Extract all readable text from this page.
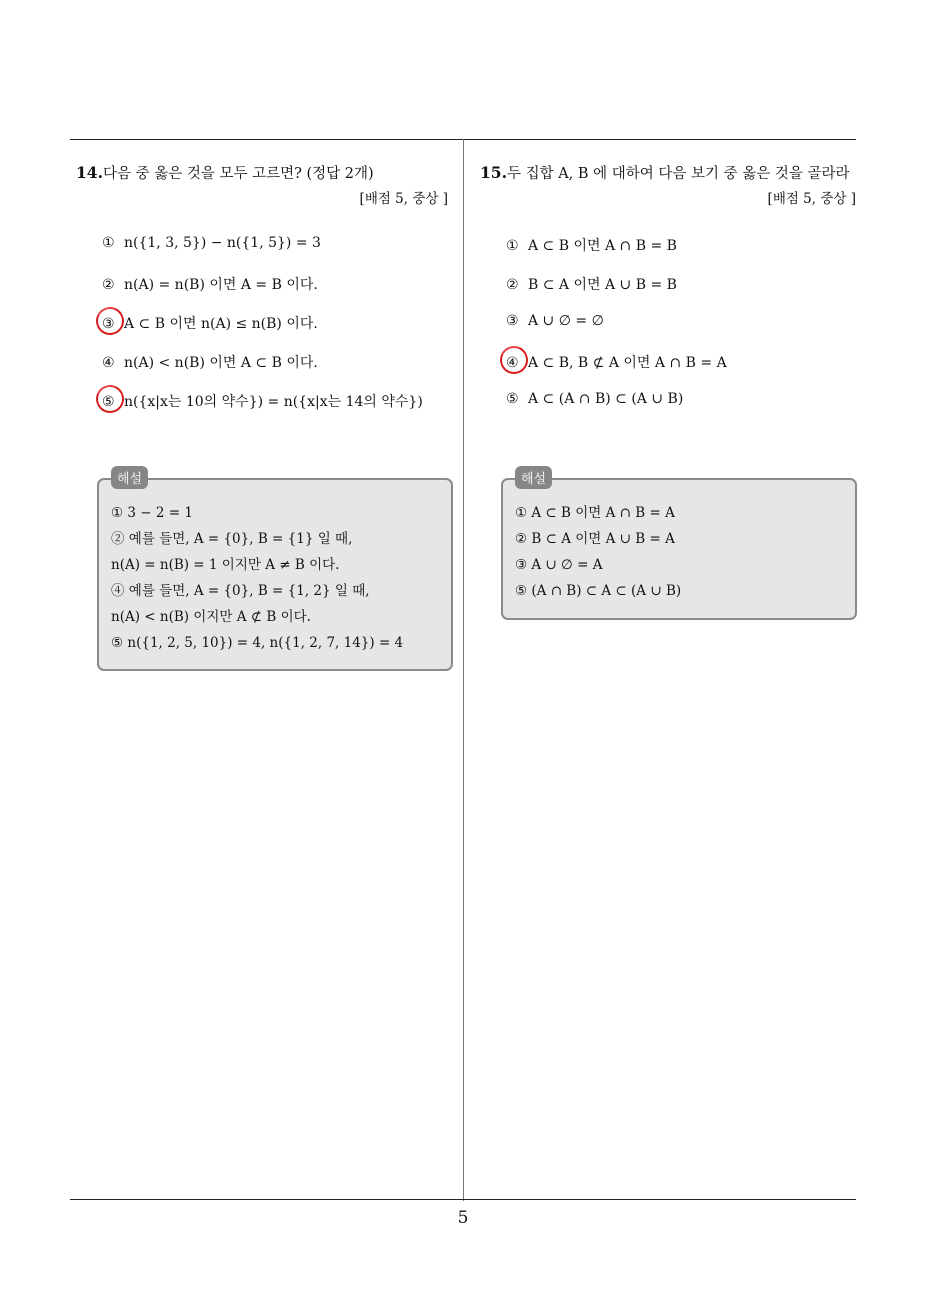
14.다음 중 옳은 것을 모두 고르면? (정답 2개)
[배점 5, 중상 ]
① n({1, 3, 5}) − n({1, 5}) = 3
② n(A) = n(B) 이면 A = B 이다.
③ A ⊂ B 이면 n(A) ≤ n(B) 이다.
④ n(A) < n(B) 이면 A ⊂ B 이다.
⑤ n({x|x는 10의 약수}) = n({x|x는 14의 약수})
해설
① 3 − 2 = 1
② 예를 들면, A = {0}, B = {1} 일 때,
n(A) = n(B) = 1 이지만 A ≠ B 이다.
④ 예를 들면, A = {0}, B = {1, 2} 일 때,
n(A) < n(B) 이지만 A ⊄ B 이다.
⑤ n({1, 2, 5, 10}) = 4, n({1, 2, 7, 14}) = 4
15.두 집합 A, B 에 대하여 다음 보기 중 옳은 것을 골라라
[배점 5, 중상 ]
① A ⊂ B 이면 A ∩ B = B
② B ⊂ A 이면 A ∪ B = B
③ A ∪ ∅ = ∅
④ A ⊂ B, B ⊄ A 이면 A ∩ B = A
⑤ A ⊂ (A ∩ B) ⊂ (A ∪ B)
해설
① A ⊂ B 이면 A ∩ B = A
② B ⊂ A 이면 A ∪ B = A
③ A ∪ ∅ = A
⑤ (A ∩ B) ⊂ A ⊂ (A ∪ B)
5
